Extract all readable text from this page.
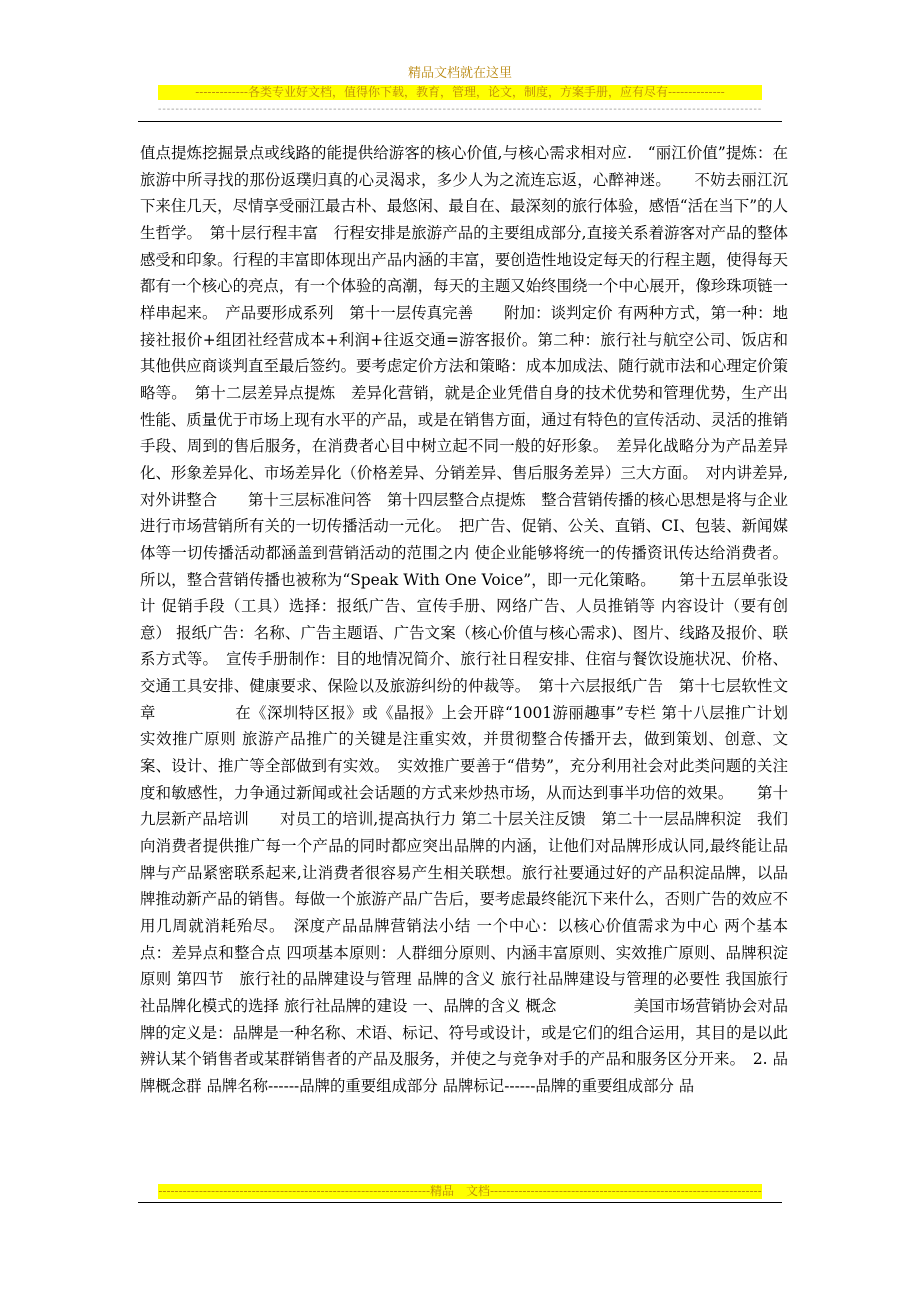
精品文档就在这里
-------------各类专业好文档，值得你下载，教育，管理，论文，制度，方案手册，应有尽有--------------
------------------------------------------------------------------------------------------------------------------------------------------
值点提炼挖掘景点或线路的能提供给游客的核心价值,与核心需求相对应.　“丽江价值”提炼：在旅游中所寻找的那份返璞归真的心灵渴求，多少人为之流连忘返，心醉神迷。　　不妨去丽江沉下来住几天，尽情享受丽江最古朴、最悠闲、最自在、最深刻的旅行体验，感悟“活在当下”的人生哲学。　第十层行程丰富　行程安排是旅游产品的主要组成部分,直接关系着游客对产品的整体感受和印象。行程的丰富即体现出产品内涵的丰富，要创造性地设定每天的行程主题，使得每天都有一个核心的亮点，有一个体验的高潮，每天的主题又始终围绕一个中心展开，像珍珠项链一样串起来。　产品要形成系列　第十一层传真完善　　附加：谈判定价 有两种方式，第一种：地接社报价+组团社经营成本+利润+往返交通=游客报价。第二种：旅行社与航空公司、饭店和其他供应商谈判直至最后签约。要考虑定价方法和策略：成本加成法、随行就市法和心理定价策略等。　第十二层差异点提炼　差异化营销，就是企业凭借自身的技术优势和管理优势，生产出性能、质量优于市场上现有水平的产品，或是在销售方面，通过有特色的宣传活动、灵活的推销手段、周到的售后服务，在消费者心目中树立起不同一般的好形象。　差异化战略分为产品差异化、形象差异化、市场差异化（价格差异、分销差异、售后服务差异）三大方面。　对内讲差异,对外讲整合　　第十三层标准问答　第十四层整合点提炼　整合营销传播的核心思想是将与企业进行市场营销所有关的一切传播活动一元化。　把广告、促销、公关、直销、CI、包装、新闻媒体等一切传播活动都涵盖到营销活动的范围之内 使企业能够将统一的传播资讯传达给消费者。所以，整合营销传播也被称为“Speak With One Voice”，即一元化策略。　　第十五层单张设计 促销手段（工具）选择：报纸广告、宣传手册、网络广告、人员推销等 内容设计（要有创意） 报纸广告：名称、广告主题语、广告文案（核心价值与核心需求)、图片、线路及报价、联系方式等。　宣传手册制作：目的地情况简介、旅行社日程安排、住宿与餐饮设施状况、价格、交通工具安排、健康要求、保险以及旅游纠纷的仲裁等。　第十六层报纸广告　第十七层软性文章　　　　　在《深圳特区报》或《晶报》上会开辟“1001游丽趣事”专栏 第十八层推广计划　实效推广原则 旅游产品推广的关键是注重实效，并贯彻整合传播开去，做到策划、创意、文案、设计、推广等全部做到有实效。　实效推广要善于“借势”，充分利用社会对此类问题的关注度和敏感性，力争通过新闻或社会话题的方式来炒热市场，从而达到事半功倍的效果。　　第十九层新产品培训　　对员工的培训,提高执行力 第二十层关注反馈　第二十一层品牌积淀　我们向消费者提供推广每一个产品的同时都应突出品牌的内涵，让他们对品牌形成认同,最终能让品牌与产品紧密联系起来,让消费者很容易产生相关联想。旅行社要通过好的产品积淀品牌，以品牌推动新产品的销售。每做一个旅游产品广告后，要考虑最终能沉下来什么，否则广告的效应不用几周就消耗殆尽。　深度产品品牌营销法小结 一个中心：以核心价值需求为中心 两个基本点：差异点和整合点 四项基本原则：人群细分原则、内涵丰富原则、实效推广原则、品牌积淀原则 第四节　旅行社的品牌建设与管理 品牌的含义 旅行社品牌建设与管理的必要性 我国旅行社品牌化模式的选择 旅行社品牌的建设 一、品牌的含义 概念　　　　　美国市场营销协会对品牌的定义是：品牌是一种名称、术语、标记、符号或设计，或是它们的组合运用，其目的是以此辨认某个销售者或某群销售者的产品及服务，并使之与竞争对手的产品和服务区分开来。　2. 品牌概念群 品牌名称------品牌的重要组成部分 品牌标记------品牌的重要组成部分 品
-------------------------------------------------------------------精品　文档-------------------------------------------------------------------
